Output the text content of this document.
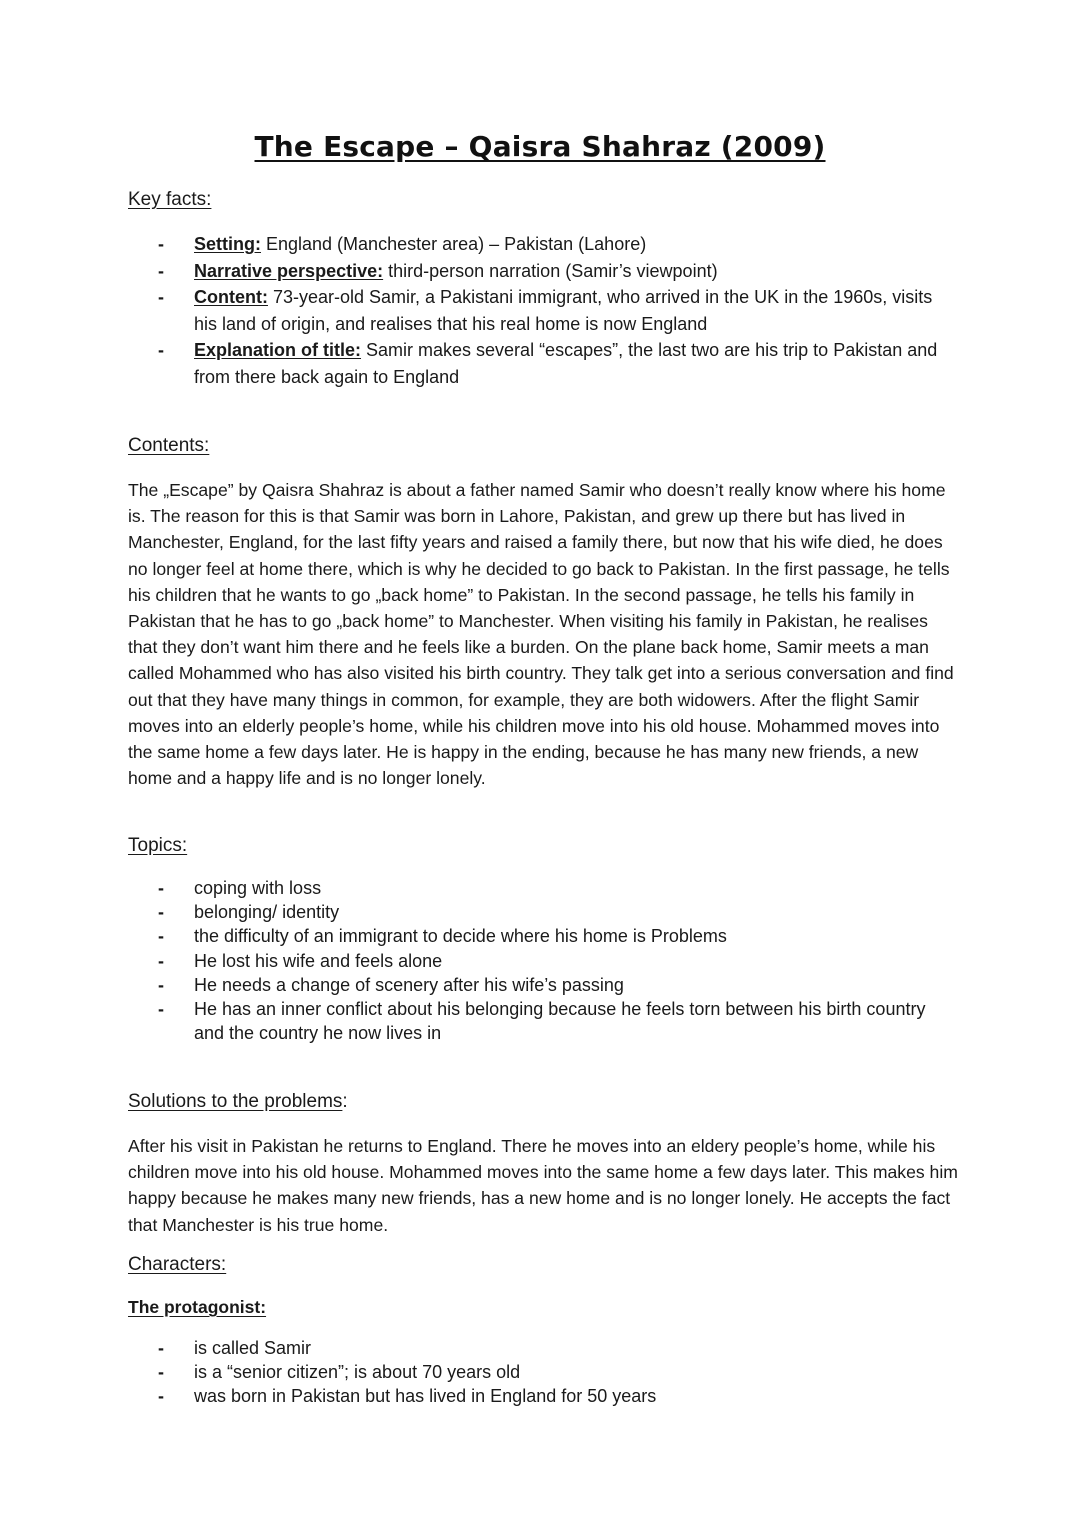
The Escape – Qaisra Shahraz (2009)
Key facts:
- Setting: England (Manchester area) – Pakistan (Lahore)
- Narrative perspective: third-person narration (Samir’s viewpoint)
- Content: 73-year-old Samir, a Pakistani immigrant, who arrived in the UK in the 1960s, visits his land of origin, and realises that his real home is now England
- Explanation of title: Samir makes several “escapes”, the last two are his trip to Pakistan and from there back again to England
Contents:

The „Escape” by Qaisra Shahraz is about a father named Samir who doesn’t really know where his home is. The reason for this is that Samir was born in Lahore, Pakistan, and grew up there but has lived in Manchester, England, for the last fifty years and raised a family there, but now that his wife died, he does no longer feel at home there, which is why he decided to go back to Pakistan. In the first passage, he tells his children that he wants to go „back home” to Pakistan. In the second passage, he tells his family in Pakistan that he has to go „back home” to Manchester. When visiting his family in Pakistan, he realises that they don’t want him there and he feels like a burden. On the plane back home, Samir meets a man called Mohammed who has also visited his birth country. They talk get into a serious conversation and find out that they have many things in common, for example, they are both widowers. After the flight Samir moves into an elderly people’s home, while his children move into his old house. Mohammed moves into the same home a few days later. He is happy in the ending, because he has many new friends, a new home and a happy life and is no longer lonely.

Topics:
- coping with loss
- belonging/ identity
- the difficulty of an immigrant to decide where his home is Problems
- He lost his wife and feels alone
- He needs a change of scenery after his wife’s passing
- He has an inner conflict about his belonging because he feels torn between his birth country and the country he now lives in
Solutions to the problems:

After his visit in Pakistan he returns to England. There he moves into an eldery people’s home, while his children move into his old house. Mohammed moves into the same home a few days later. This makes him happy because he makes many new friends, has a new home and is no longer lonely. He accepts the fact that Manchester is his true home.

Characters:
The protagonist:
- is called Samir
- is a “senior citizen”; is about 70 years old
- was born in Pakistan but has lived in England for 50 years
